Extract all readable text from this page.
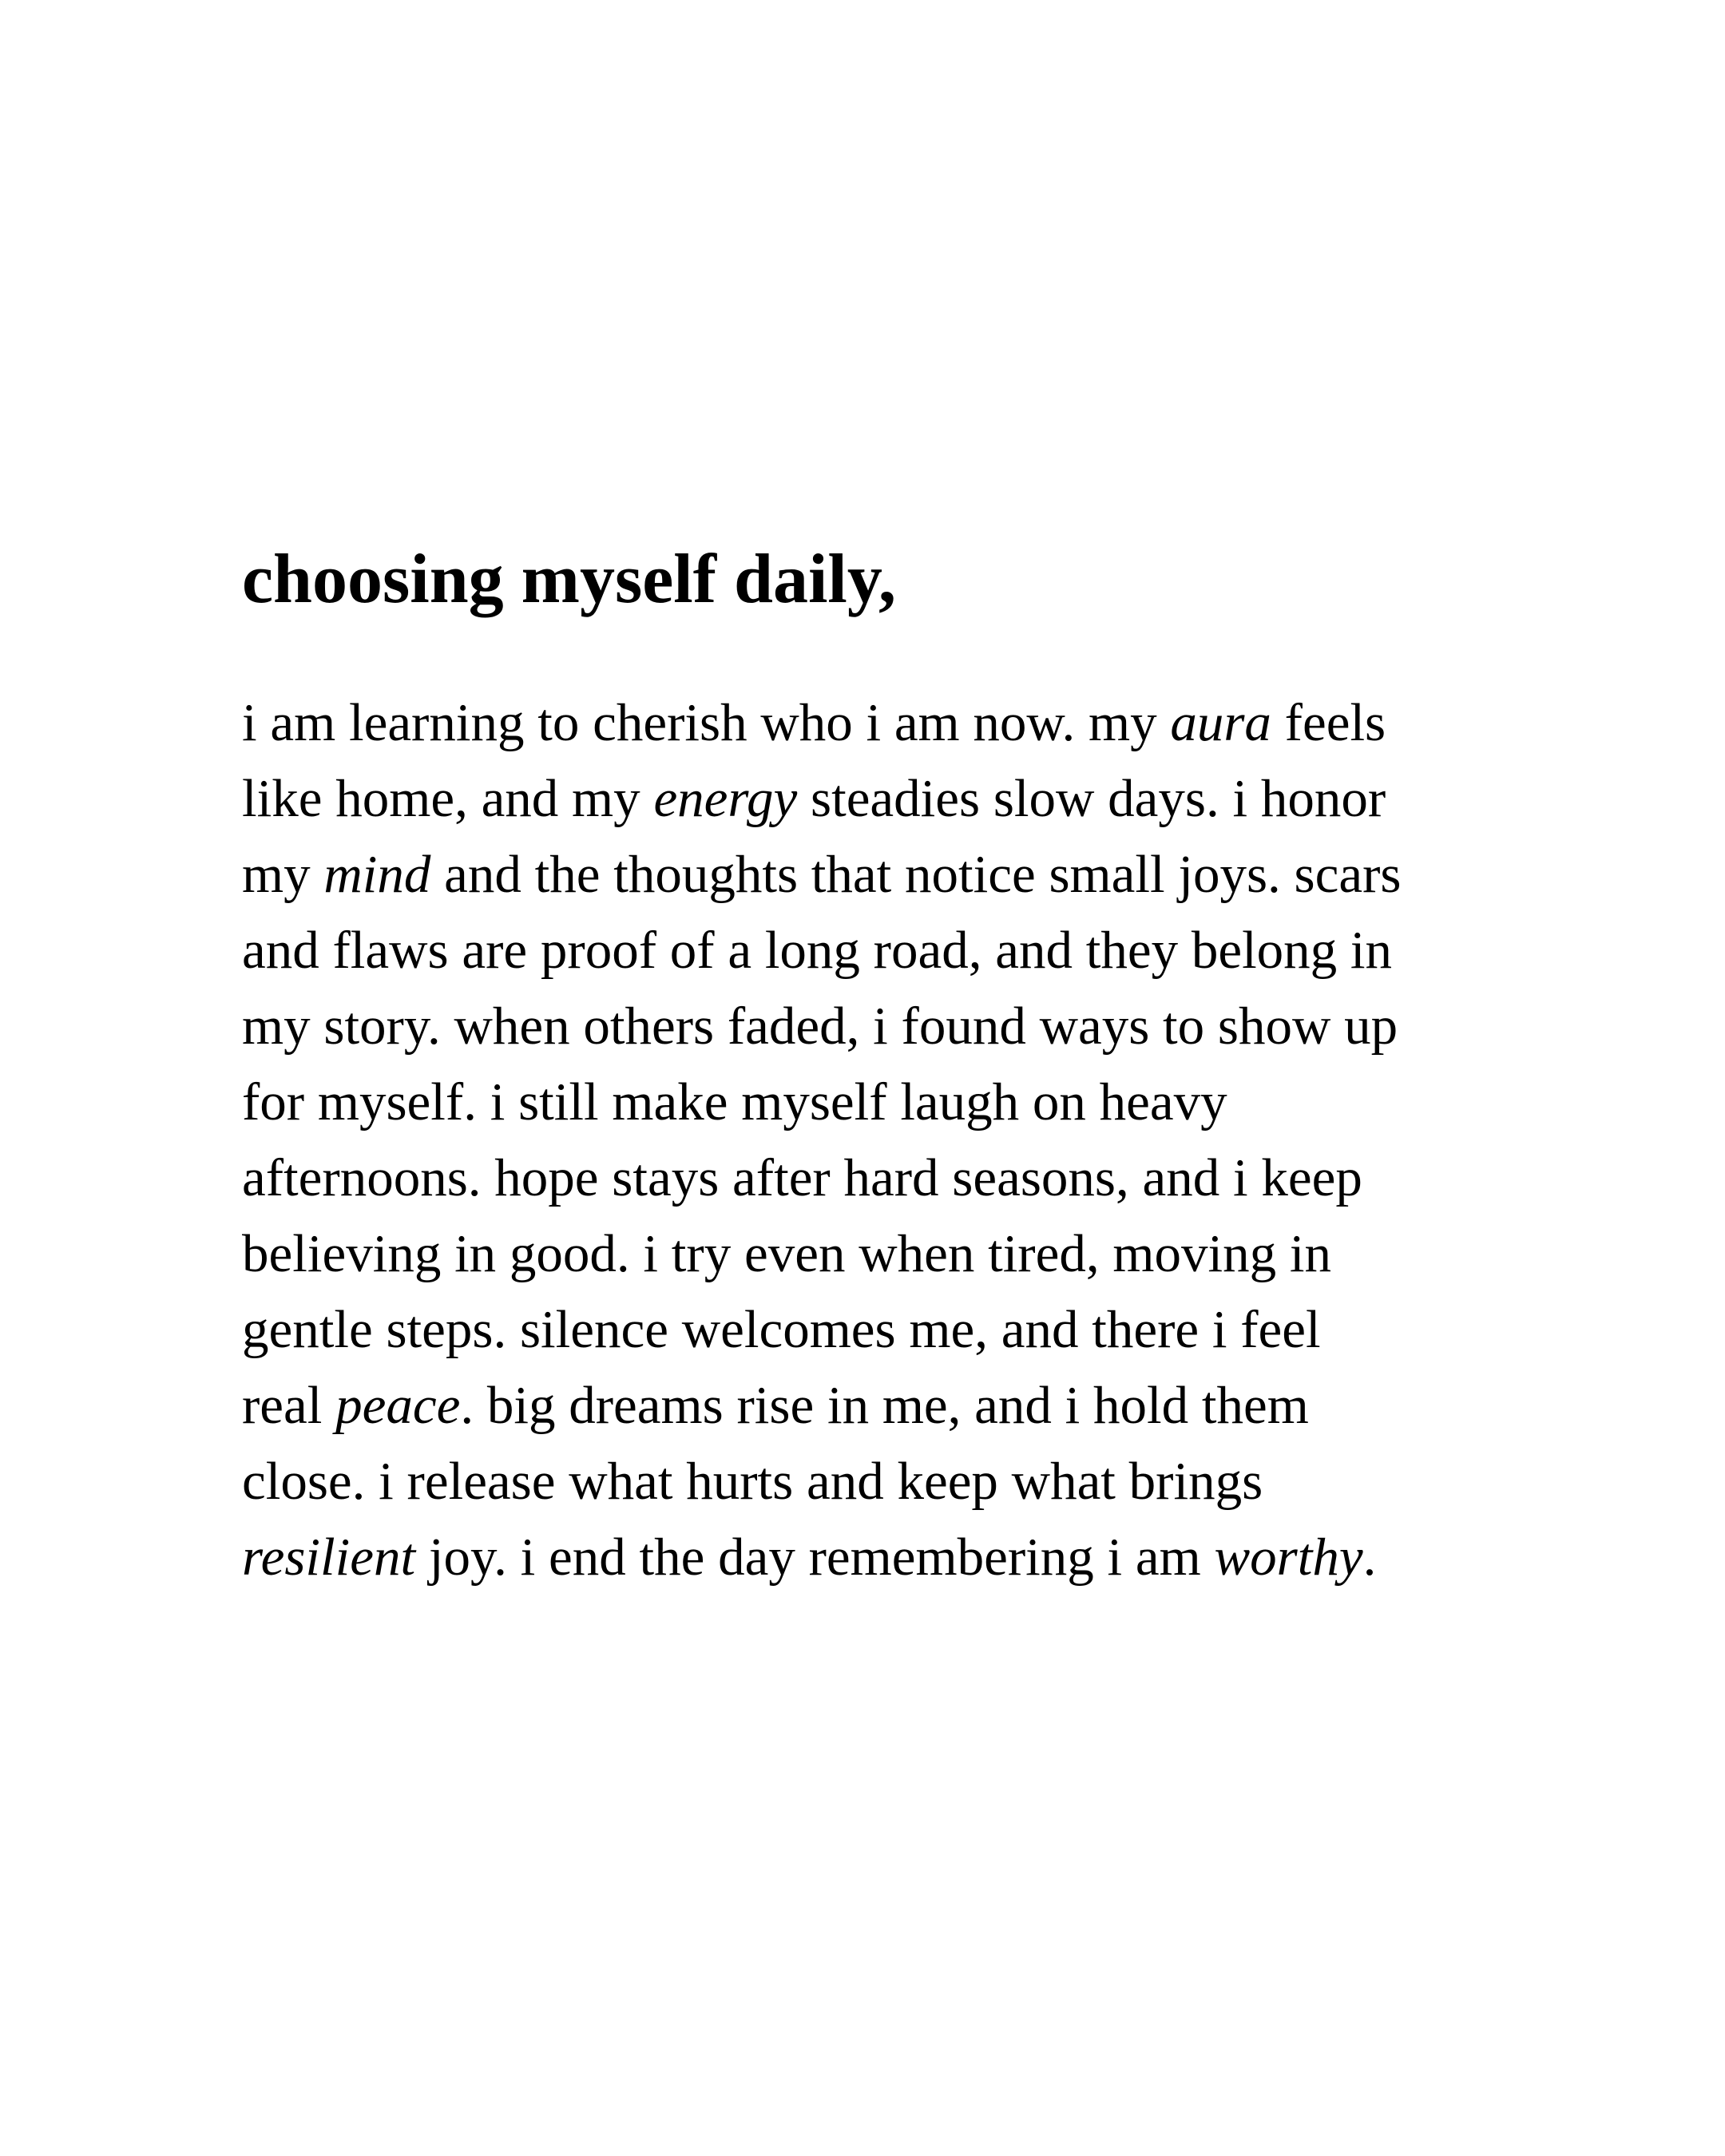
choosing myself daily,
i am learning to cherish who i am now. my aura feels
like home, and my energy steadies slow days. i honor
my mind and the thoughts that notice small joys. scars
and flaws are proof of a long road, and they belong in
my story. when others faded, i found ways to show up
for myself. i still make myself laugh on heavy
afternoons. hope stays after hard seasons, and i keep
believing in good. i try even when tired, moving in
gentle steps. silence welcomes me, and there i feel
real peace. big dreams rise in me, and i hold them
close. i release what hurts and keep what brings
resilient joy. i end the day remembering i am worthy.
